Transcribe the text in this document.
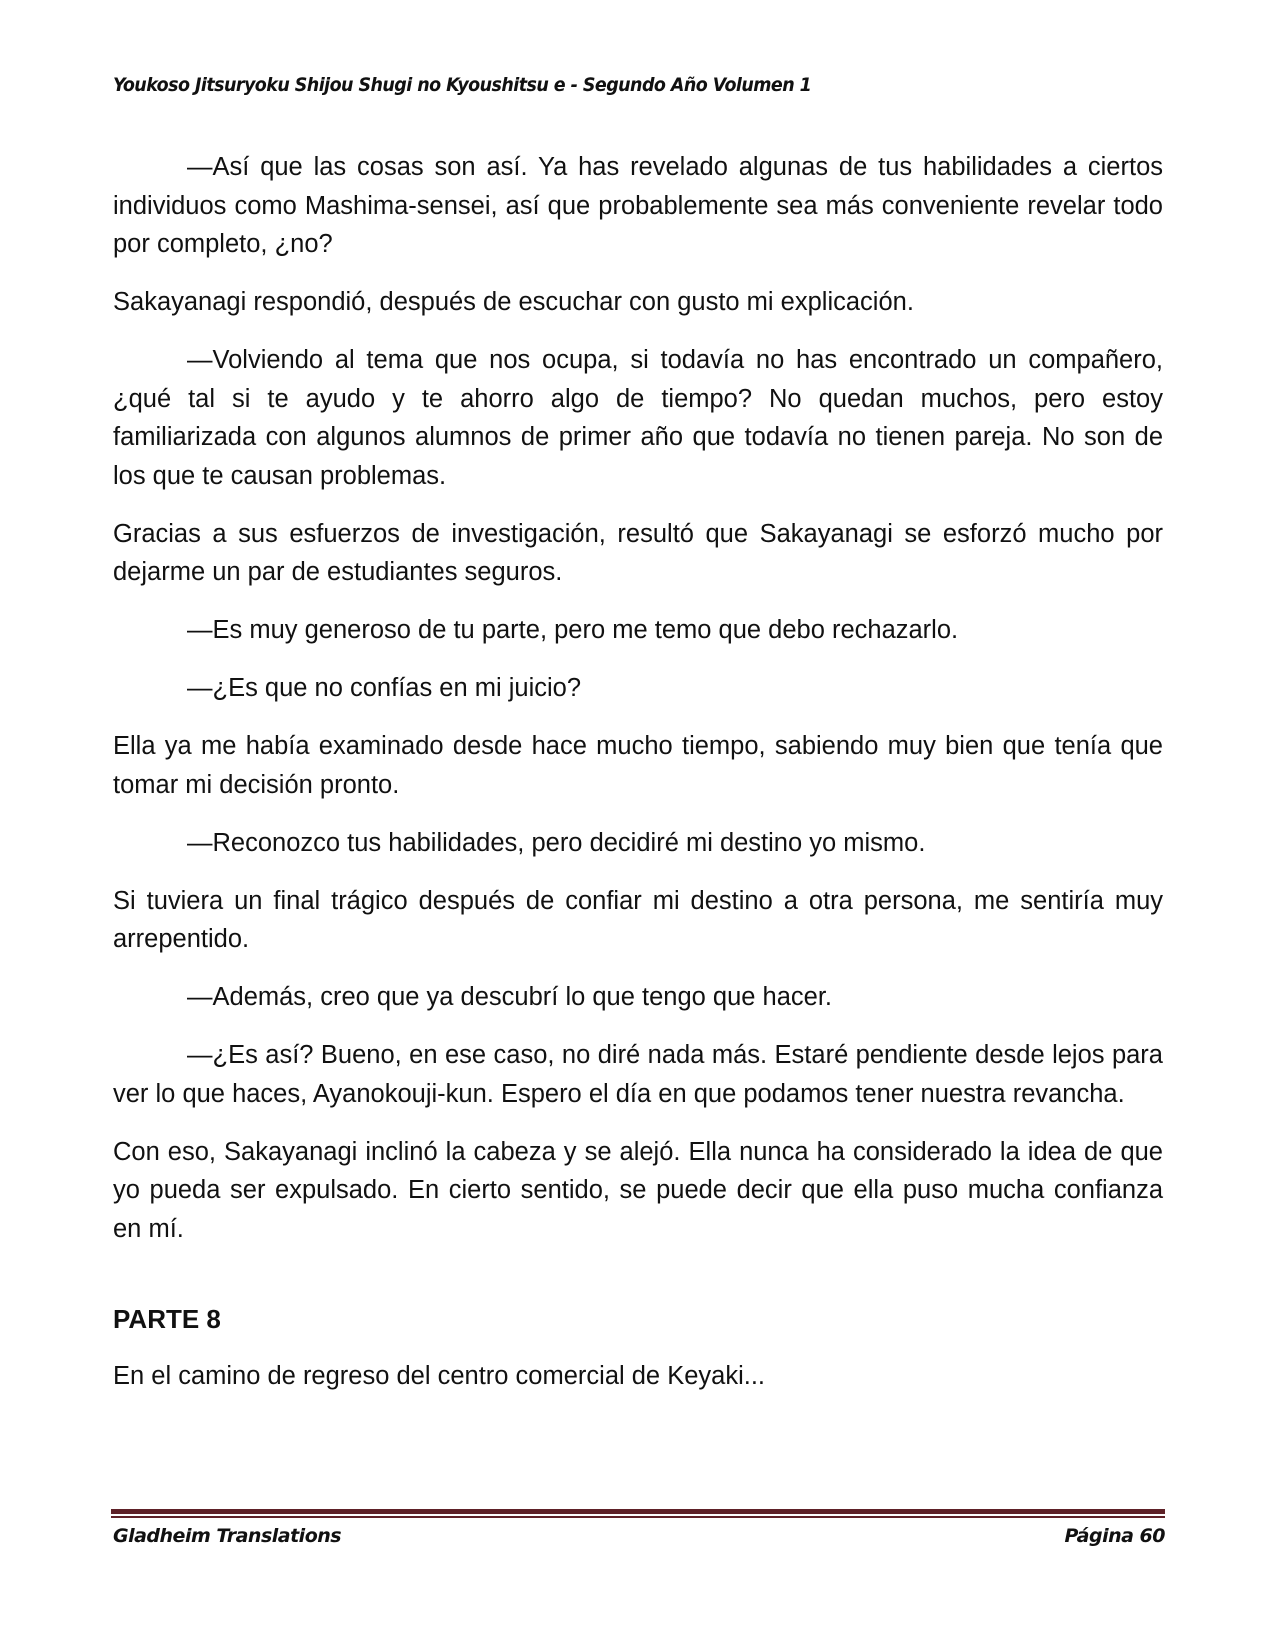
Youkoso Jitsuryoku Shijou Shugi no Kyoushitsu e - Segundo Año Volumen 1

—Así que las cosas son así. Ya has revelado algunas de tus habilidades a ciertos individuos como Mashima-sensei, así que probablemente sea más conveniente revelar todo por completo, ¿no?

Sakayanagi respondió, después de escuchar con gusto mi explicación.

—Volviendo al tema que nos ocupa, si todavía no has encontrado un compañero, ¿qué tal si te ayudo y te ahorro algo de tiempo? No quedan muchos, pero estoy familiarizada con algunos alumnos de primer año que todavía no tienen pareja. No son de los que te causan problemas.

Gracias a sus esfuerzos de investigación, resultó que Sakayanagi se esforzó mucho por dejarme un par de estudiantes seguros.

—Es muy generoso de tu parte, pero me temo que debo rechazarlo.

—¿Es que no confías en mi juicio?

Ella ya me había examinado desde hace mucho tiempo, sabiendo muy bien que tenía que tomar mi decisión pronto.

—Reconozco tus habilidades, pero decidiré mi destino yo mismo.

Si tuviera un final trágico después de confiar mi destino a otra persona, me sentiría muy arrepentido.

—Además, creo que ya descubrí lo que tengo que hacer.

—¿Es así? Bueno, en ese caso, no diré nada más. Estaré pendiente desde lejos para ver lo que haces, Ayanokouji-kun. Espero el día en que podamos tener nuestra revancha.

Con eso, Sakayanagi inclinó la cabeza y se alejó. Ella nunca ha considerado la idea de que yo pueda ser expulsado. En cierto sentido, se puede decir que ella puso mucha confianza en mí.

PARTE 8

En el camino de regreso del centro comercial de Keyaki...

Gladheim Translations	Página 60
